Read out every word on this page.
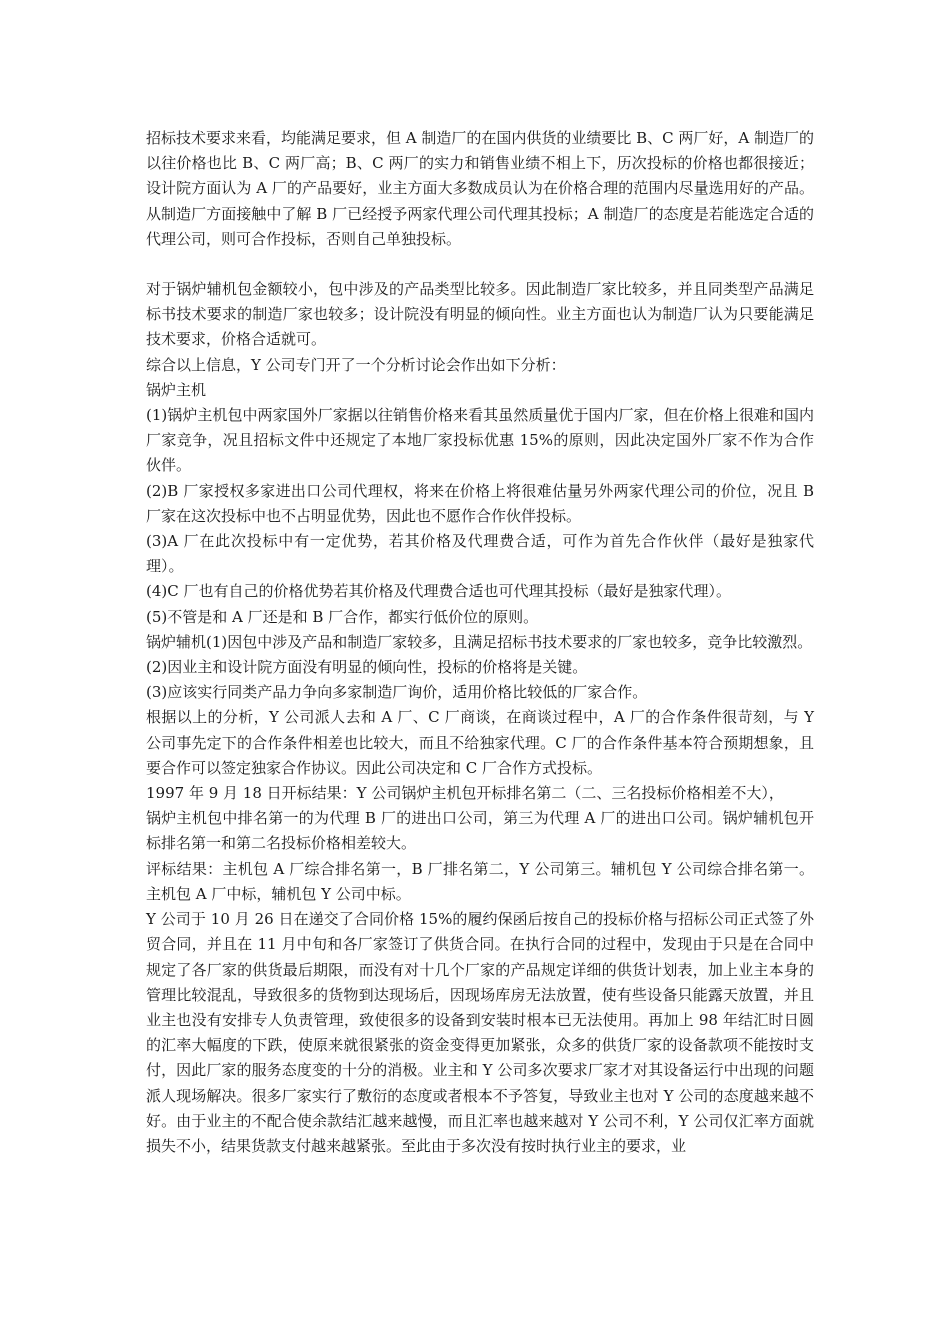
招标技术要求来看，均能满足要求，但 A 制造厂的在国内供货的业绩要比 B、C 两厂好，A 制造厂的以往价格也比 B、C 两厂高；B、C 两厂的实力和销售业绩不相上下，历次投标的价格也都很接近；设计院方面认为 A 厂的产品要好，业主方面大多数成员认为在价格合理的范围内尽量选用好的产品。从制造厂方面接触中了解 B 厂已经授予两家代理公司代理其投标；A 制造厂的态度是若能选定合适的代理公司，则可合作投标，否则自己单独投标。

对于锅炉辅机包金额较小，包中涉及的产品类型比较多。因此制造厂家比较多，并且同类型产品满足标书技术要求的制造厂家也较多；设计院没有明显的倾向性。业主方面也认为制造厂认为只要能满足技术要求，价格合适就可。

综合以上信息，Y 公司专门开了一个分析讨论会作出如下分析：

锅炉主机

(1)锅炉主机包中两家国外厂家据以往销售价格来看其虽然质量优于国内厂家，但在价格上很难和国内厂家竞争，况且招标文件中还规定了本地厂家投标优惠 15%的原则，因此决定国外厂家不作为合作伙伴。

(2)B 厂家授权多家进出口公司代理权，将来在价格上将很难估量另外两家代理公司的价位，况且 B 厂家在这次投标中也不占明显优势，因此也不愿作合作伙伴投标。

(3)A 厂在此次投标中有一定优势，若其价格及代理费合适，可作为首先合作伙伴（最好是独家代理）。

(4)C 厂也有自己的价格优势若其价格及代理费合适也可代理其投标（最好是独家代理）。

(5)不管是和 A 厂还是和 B 厂合作，都实行低价位的原则。

锅炉辅机(1)因包中涉及产品和制造厂家较多，且满足招标书技术要求的厂家也较多，竞争比较激烈。

(2)因业主和设计院方面没有明显的倾向性，投标的价格将是关键。

(3)应该实行同类产品力争向多家制造厂询价，适用价格比较低的厂家合作。

根据以上的分析，Y 公司派人去和 A 厂、C 厂商谈，在商谈过程中，A 厂的合作条件很苛刻，与 Y 公司事先定下的合作条件相差也比较大，而且不给独家代理。C 厂的合作条件基本符合预期想象，且要合作可以签定独家合作协议。因此公司决定和 C 厂合作方式投标。

1997 年 9 月 18 日开标结果：Y 公司锅炉主机包开标排名第二（二、三名投标价格相差不大），

锅炉主机包中排名第一的为代理 B 厂的进出口公司，第三为代理 A 厂的进出口公司。锅炉辅机包开标排名第一和第二名投标价格相差较大。

评标结果：主机包 A 厂综合排名第一，B 厂排名第二，Y 公司第三。辅机包 Y 公司综合排名第一。主机包 A 厂中标，辅机包 Y 公司中标。

Y 公司于 10 月 26 日在递交了合同价格 15%的履约保函后按自己的投标价格与招标公司正式签了外贸合同，并且在 11 月中旬和各厂家签订了供货合同。在执行合同的过程中，发现由于只是在合同中规定了各厂家的供货最后期限，而没有对十几个厂家的产品规定详细的供货计划表，加上业主本身的管理比较混乱，导致很多的货物到达现场后，因现场库房无法放置，使有些设备只能露天放置，并且业主也没有安排专人负责管理，致使很多的设备到安装时根本已无法使用。再加上 98 年结汇时日圆的汇率大幅度的下跌，使原来就很紧张的资金变得更加紧张，众多的供货厂家的设备款项不能按时支付，因此厂家的服务态度变的十分的消极。业主和 Y 公司多次要求厂家才对其设备运行中出现的问题派人现场解决。很多厂家实行了敷衍的态度或者根本不予答复，导致业主也对 Y 公司的态度越来越不好。由于业主的不配合使余款结汇越来越慢，而且汇率也越来越对 Y 公司不利，Y 公司仅汇率方面就损失不小，结果货款支付越来越紧张。至此由于多次没有按时执行业主的要求，业
